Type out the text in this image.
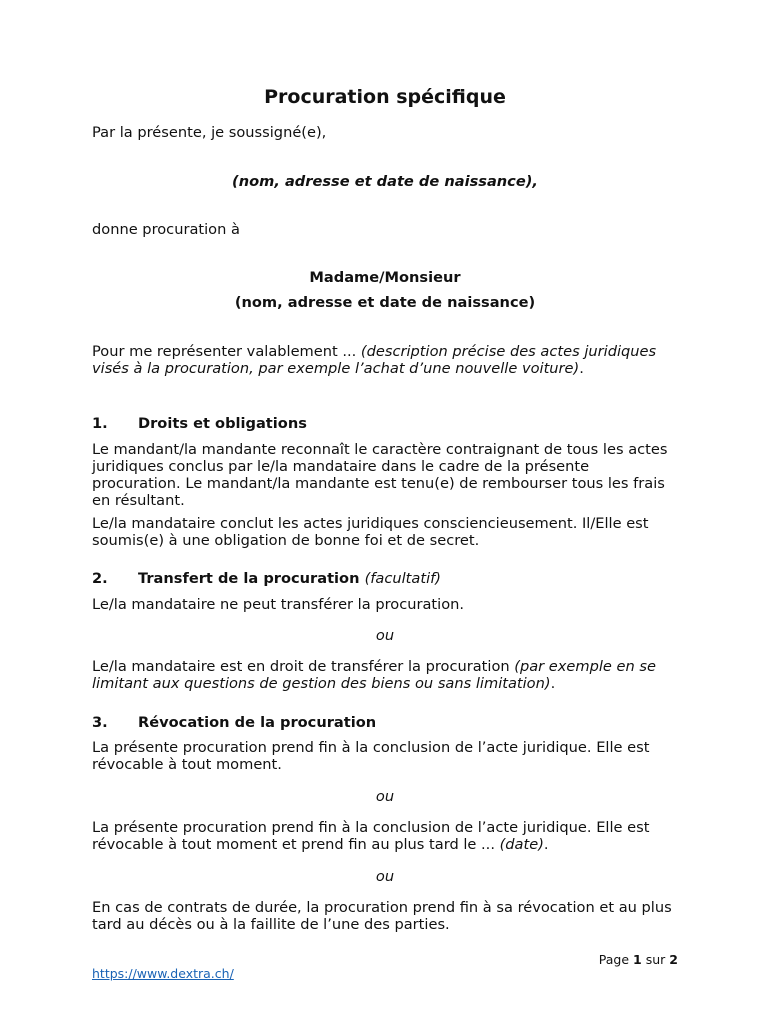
Procuration spécifique

Par la présente, je soussigné(e),

(nom, adresse et date de naissance),

donne procuration à

Madame/Monsieur

(nom, adresse et date de naissance)

Pour me représenter valablement ... (description précise des actes juridiques visés à la procuration, par exemple l’achat d’une nouvelle voiture).

1. Droits et obligations

Le mandant/la mandante reconnaît le caractère contraignant de tous les actes juridiques conclus par le/la mandataire dans le cadre de la présente procuration. Le mandant/la mandante est tenu(e) de rembourser tous les frais en résultant.

Le/la mandataire conclut les actes juridiques consciencieusement. Il/Elle est soumis(e) à une obligation de bonne foi et de secret.

2. Transfert de la procuration (facultatif)

Le/la mandataire ne peut transférer la procuration.

ou

Le/la mandataire est en droit de transférer la procuration (par exemple en se limitant aux questions de gestion des biens ou sans limitation).

3. Révocation de la procuration

La présente procuration prend fin à la conclusion de l’acte juridique. Elle est révocable à tout moment.

ou

La présente procuration prend fin à la conclusion de l’acte juridique. Elle est révocable à tout moment et prend fin au plus tard le ... (date).

ou

En cas de contrats de durée, la procuration prend fin à sa révocation et au plus tard au décès ou à la faillite de l’une des parties.

Page 1 sur 2
https://www.dextra.ch/
